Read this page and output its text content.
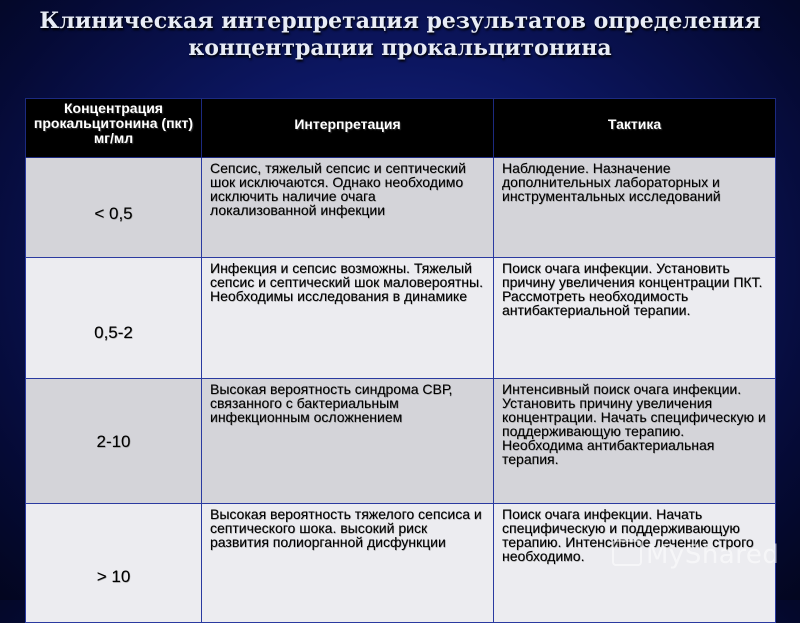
Клиническая интерпретация результатов определения
концентрации прокальцитонина
Концентрация прокальцитонина (пкт) мг/мл	Интерпретация	Тактика
< 0,5	Сепсис, тяжелый сепсис и септический шок исключаются. Однако необходимо исключить наличие очага локализованной инфекции	Наблюдение. Назначение дополнительных лабораторных и инструментальных исследований
0,5-2	Инфекция и сепсис возможны. Тяжелый сепсис и септический шок маловероятны. Необходимы исследования в динамике	Поиск очага инфекции. Установить причину увеличения концентрации ПКТ. Рассмотреть необходимость антибактериальной терапии.
2-10	Высокая вероятность синдрома СВР, связанного с бактериальным инфекционным осложнением	Интенсивный поиск очага инфекции. Установить причину увеличения концентрации. Начать специфическую и поддерживающую терапию. Необходима антибактериальная терапия.
> 10	Высокая вероятность тяжелого сепсиса и септического шока. высокий риск развития полиорганной дисфункции	Поиск очага инфекции. Начать специфическую и поддерживающую терапию. Интенсивное лечение строго необходимо.	MyShared
